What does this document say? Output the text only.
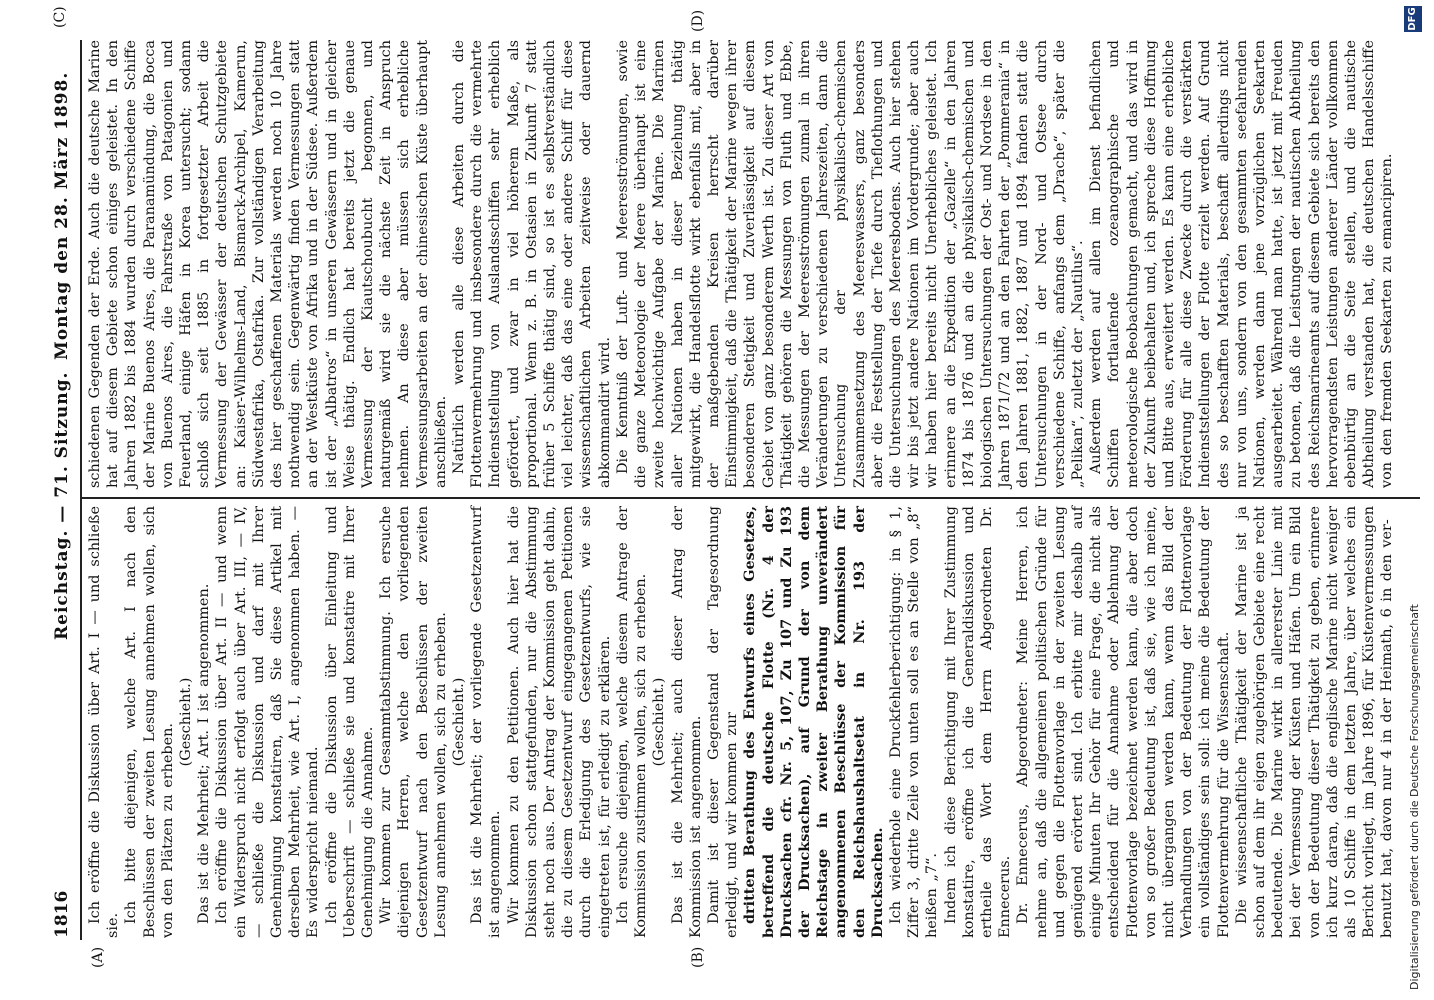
1816
Reichstag. — 71. Sitzung.
Montag den 28. März 1898.
(C)
(A)	(B)
(D)

Ich eröffne die Diskussion über Art. I — und schließe sie.

Ich bitte diejenigen, welche Art. I nach den Beschlüssen der zweiten Lesung annehmen wollen, sich von den Plätzen zu erheben.

(Geschieht.) Das ist die Mehrheit; Art. I ist angenommen. Ich eröffne die Diskussion über Art. II — und wenn ein Widerspruch nicht erfolgt auch über Art. III, — IV, — schließe die Diskussion und darf mit Ihrer Genehmigung konstatiren, daß Sie diese Artikel mit derselben Mehrheit, wie Art. I, angenommen haben. — Es widerspricht niemand. Ich eröffne die Diskussion über Einleitung und Ueberschrift — schließe sie und konstatire mit Ihrer Genehmigung die Annahme. Wir kommen zur Gesammtabstimmung. Ich ersuche diejenigen Herren, welche den vorliegenden Gesetzentwurf nach den Beschlüssen der zweiten Lesung annehmen wollen, sich zu erheben. (Geschieht.) Das ist die Mehrheit; der vorliegende Gesetzentwurf ist angenommen. Wir kommen zu den Petitionen. Auch hier hat die Diskussion schon stattgefunden, nur die Abstimmung steht noch aus. Der Antrag der Kommission geht dahin, die zu diesem Gesetzentwurf eingegangenen Petitionen durch die Erledigung des Gesetzentwurfs, wie sie eingetreten ist, für erledigt zu erklären. Ich ersuche diejenigen, welche diesem Antrage der Kommission zustimmen wollen, sich zu erheben. (Geschieht.) Das ist die Mehrheit; auch dieser Antrag der Kommission ist angenommen. Damit ist dieser Gegenstand der Tagesordnung erledigt, und wir kommen zur dritten Berathung des Entwurfs eines Gesetzes, betreffend die deutsche Flotte (Nr. 4 der Drucksachen cfr. Nr. 5, 107, Zu 107 und Zu 193 der Drucksachen), auf Grund der von dem Reichstage in zweiter Berathung unverändert angenommenen Beschlüsse der Kommission für den Reichshaushaltsetat in Nr. 193 der Drucksachen. Ich wiederhole eine Druckfehlerberichtigung: in § 1, Ziffer 3, dritte Zeile von unten soll es an Stelle von „8“ heißen „7“. Indem ich diese Berichtigung mit Ihrer Zustimmung konstatire, eröffne ich die Generaldiskussion und ertheile das Wort dem Herrn Abgeordneten Dr. Ennecerus. Dr. Ennecerus, Abgeordneter: Meine Herren, ich nehme an, daß die allgemeinen politischen Gründe für und gegen die Flottenvorlage in der zweiten Lesung genügend erörtert sind. Ich erbitte mir deshalb auf einige Minuten Ihr Gehör für eine Frage, die nicht als entscheidend für die Annahme oder Ablehnung der Flottenvorlage bezeichnet werden kann, die aber doch von so großer Bedeutung ist, daß sie, wie ich meine, nicht übergangen werden kann, wenn das Bild der Verhandlungen von der Bedeutung der Flottenvorlage ein vollständiges sein soll: ich meine die Bedeutung der Flottenvermehrung für die Wissenschaft. Die wissenschaftliche Thätigkeit der Marine ist ja schon auf dem ihr eigen zugehörigen Gebiete eine recht bedeutende. Die Marine wirkt in allererster Linie mit bei der Vermessung der Küsten und Häfen. Um ein Bild von der Bedeutung dieser Thätigkeit zu geben, erinnere ich kurz daran, daß die englische Marine nicht weniger als 10 Schiffe in dem letzten Jahre, über welches ein Bericht vorliegt, im Jahre 1896, für Küstenvermessungen benutzt hat, davon nur 4 in der Heimath, 6 in den ver-

schiedenen Gegenden der Erde. Auch die deutsche Marine hat auf diesem Gebiete schon einiges geleistet. In den Jahren 1882 bis 1884 wurden durch verschiedene Schiffe der Marine Buenos Aires, die Paranamündung, die Bocca von Buenos Aires, die Fahrstraße von Patagonien und Feuerland, einige Häfen in Korea untersucht; sodann schloß sich seit 1885 in fortgesetzter Arbeit die Vermessung der Gewässer der deutschen Schutzgebiete an: Kaiser-Wilhelms-Land, Bismarck-Archipel, Kamerun, Südwestafrika, Ostafrika. Zur vollständigen Verarbeitung des hier geschaffenen Materials werden noch 10 Jahre nothwendig sein. Gegenwärtig finden Vermessungen statt an der Westküste von Afrika und in der Südsee. Außerdem ist der „Albatros“ in unseren Gewässern und in gleicher Weise thätig. Endlich hat bereits jetzt die genaue Vermessung der Kiautschoubucht begonnen, und naturgemäß wird sie die nächste Zeit in Anspruch nehmen. An diese aber müssen sich erhebliche Vermessungsarbeiten an der chinesischen Küste überhaupt anschließen. Natürlich werden alle diese Arbeiten durch die Flottenvermehrung und insbesondere durch die vermehrte Indienststellung von Auslandsschiffen sehr erheblich gefördert, und zwar in viel höherem Maße, als proportional. Wenn z. B. in Ostasien in Zukunft 7 statt früher 5 Schiffe thätig sind, so ist es selbstverständlich viel leichter, daß das eine oder andere Schiff für diese wissenschaftlichen Arbeiten zeitweise oder dauernd abkommandirt wird. Die Kenntniß der Luft- und Meeresströmungen, sowie die ganze Meteorologie der Meere überhaupt ist eine zweite hochwichtige Aufgabe der Marine. Die Marinen aller Nationen haben in dieser Beziehung thätig mitgewirkt, die Handelsflotte wirkt ebenfalls mit, aber in der maßgebenden Kreisen herrscht darüber Einstimmigkeit, daß die Thätigkeit der Marine wegen ihrer besonderen Stetigkeit und Zuverlässigkeit auf diesem Gebiet von ganz besonderem Werth ist. Zu dieser Art von Thätigkeit gehören die Messungen von Fluth und Ebbe, die Messungen der Meeresströmungen zumal in ihren Veränderungen zu verschiedenen Jahreszeiten, dann die Untersuchung der physikalisch-chemischen Zusammensetzung des Meereswassers, ganz besonders aber die Feststellung der Tiefe durch Tieflothungen und die Untersuchungen des Meeresbodens. Auch hier stehen wir bis jetzt andere Nationen im Vordergrunde; aber auch wir haben hier bereits nicht Unerhebliches geleistet. Ich erinnere an die Expedition der „Gazelle“ in den Jahren 1874 bis 1876 und an die physikalisch-chemischen und biologischen Untersuchungen der Ost- und Nordsee in den Jahren 1871/72 und an den Fahrten der „Pommerania“ in den Jahren 1881, 1882, 1887 und 1894 fanden statt die Untersuchungen in der Nord- und Ostsee durch verschiedene Schiffe, anfangs dem „Drache“, später die „Pelikan“, zuletzt der „Nautilus“. Außerdem werden auf allen im Dienst befindlichen Schiffen fortlaufende ozeanographische und meteorologische Beobachtungen gemacht, und das wird in der Zukunft beibehalten und, ich spreche diese Hoffnung und Bitte aus, erweitert werden. Es kann eine erhebliche Förderung für alle diese Zwecke durch die verstärkten Indienststellungen der Flotte erzielt werden. Auf Grund des so beschafften Materials, beschafft allerdings nicht nur von uns, sondern von den gesammten seefahrenden Nationen, werden dann jene vorzüglichen Seekarten ausgearbeitet. Während man hatte, ist jetzt mit Freuden zu betonen, daß die Leistungen der nautischen Abtheilung des Reichsmarineamts auf diesem Gebiete sich bereits den hervorragendsten Leistungen anderer Länder vollkommen ebenbürtig an die Seite stellen, und die nautische Abtheilung verstanden hat, die deutschen Handelsschiffe von den fremden Seekarten zu emancipiren.

Digitalisierung gefördert durch die Deutsche Forschungsgemeinschaft
DFG
